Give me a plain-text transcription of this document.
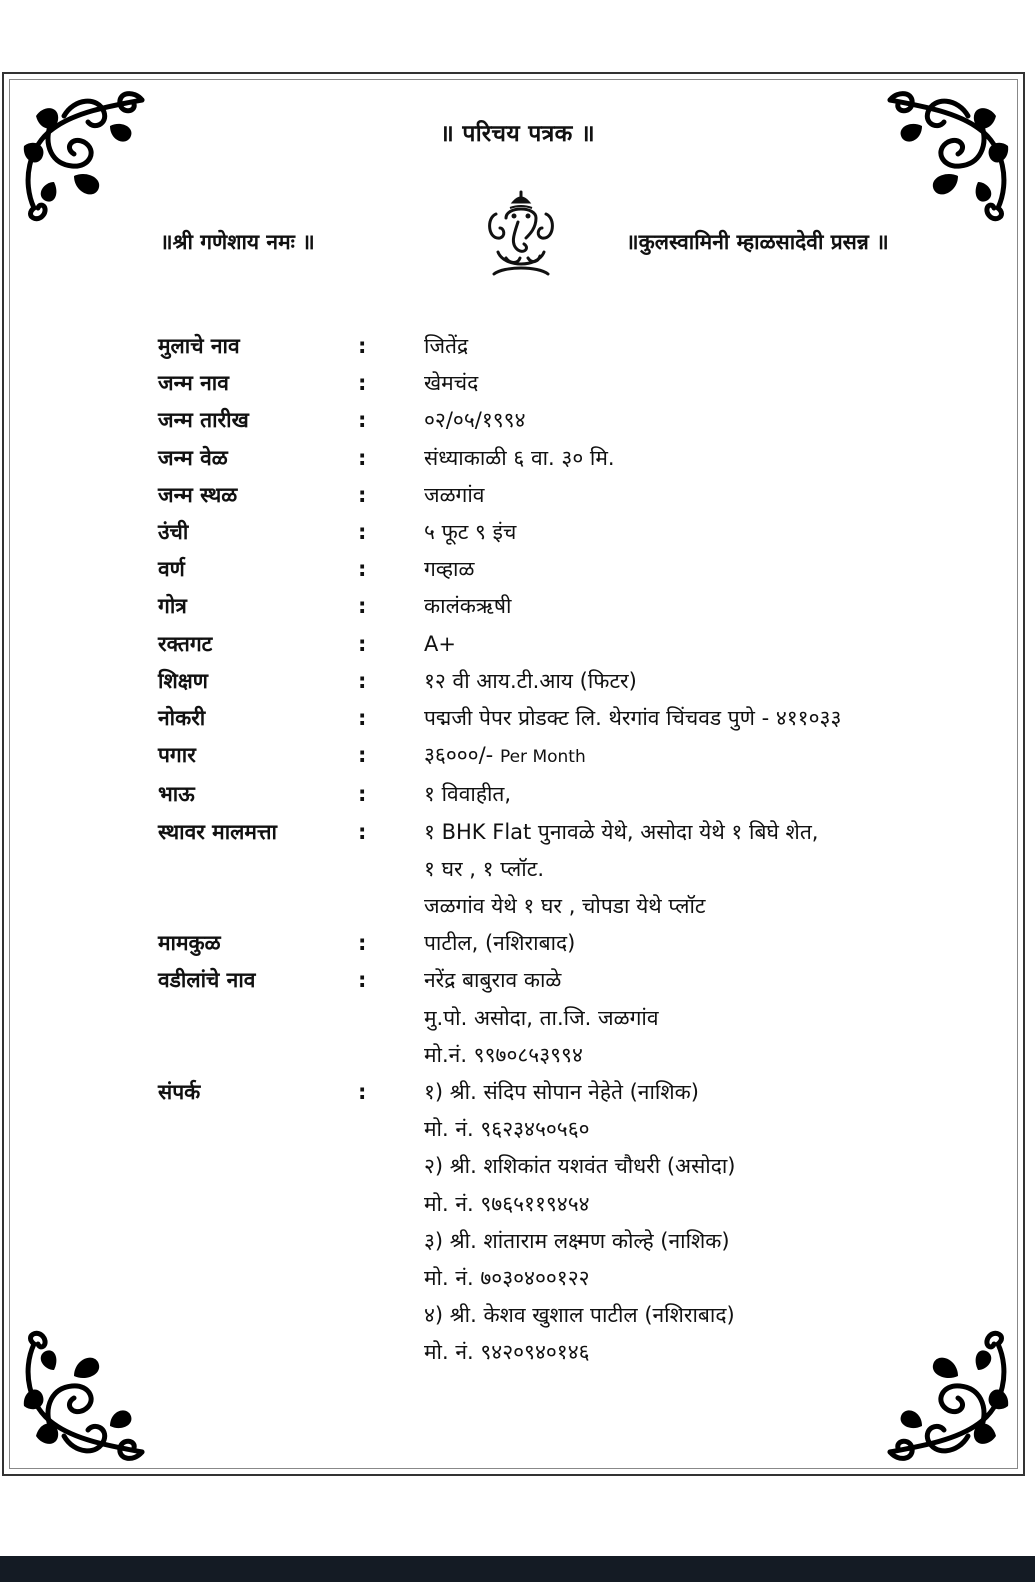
॥ परिचय पत्रक ॥
॥श्री गणेशाय नमः ॥	॥कुलस्वामिनी म्हाळसादेवी प्रसन्न ॥
मुलाचे नाव	:	जितेंद्र
जन्म नाव	:	खेमचंद
जन्म तारीख	:	०२/०५/१९९४
जन्म वेळ	:	संध्याकाळी ६ वा. ३० मि.
जन्म स्थळ	:	जळगांव
उंची	:	५ फूट ९ इंच
वर्ण	:	गव्हाळ
गोत्र	:	कालंकऋषी
रक्तगट	:	A+
शिक्षण	:	१२ वी आय.टी.आय (फिटर)
नोकरी	:	पद्मजी पेपर प्रोडक्ट लि. थेरगांव चिंचवड पुणे - ४११०३३
पगार	:	३६०००/- Per Month
भाऊ	:	१ विवाहीत,
स्थावर मालमत्ता	:	१ BHK Flat पुनावळे येथे, असोदा येथे १ बिघे शेत,
१ घर , १ प्लॉट.
जळगांव येथे १ घर , चोपडा येथे प्लॉट
मामकुळ	:	पाटील, (नशिराबाद)
वडीलांचे नाव	:	नरेंद्र बाबुराव काळे
मु.पो. असोदा, ता.जि. जळगांव
मो.नं. ९९७०८५३९९४
संपर्क	:	१) श्री. संदिप सोपान नेहेते (नाशिक)
मो. नं. ९६२३४५०५६०
२) श्री. शशिकांत यशवंत चौधरी (असोदा)
मो. नं. ९७६५११९४५४
३) श्री. शांताराम लक्ष्मण कोल्हे (नाशिक)
मो. नं. ७०३०४००१२२
४) श्री. केशव खुशाल पाटील (नशिराबाद)
मो. नं. ९४२०९४०१४६
